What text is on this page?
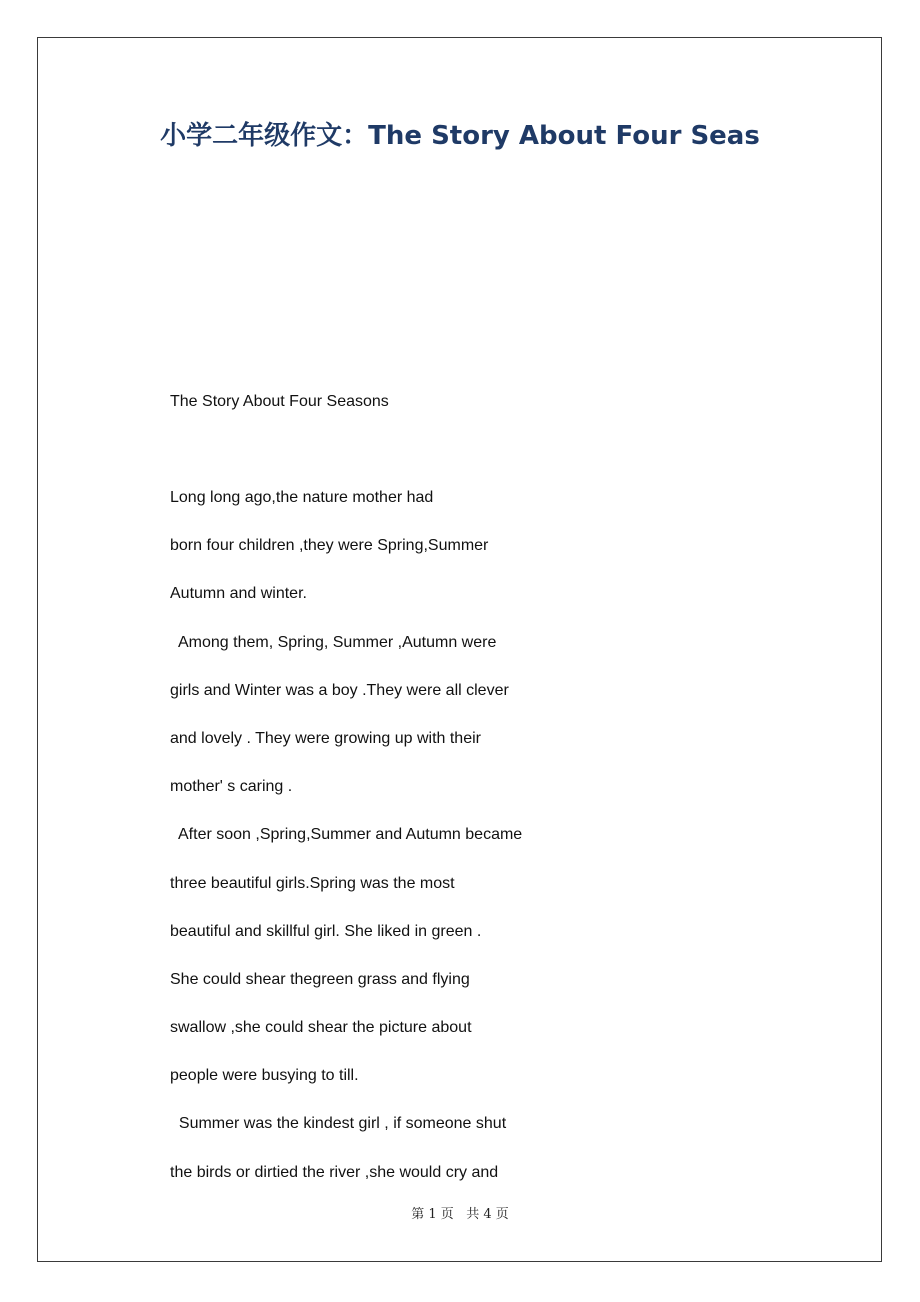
小学二年级作文：The Story About Four Seas
The Story About Four Seasons
Long long ago,the nature mother had
born four children ,they were Spring,Summer
Autumn and winter.
Among them, Spring, Summer ,Autumn were
girls and Winter was a boy .They were all clever
and lovely . They were growing up with their
mother' s caring .
After soon ,Spring,Summer and Autumn became
three beautiful girls.Spring was the most
beautiful and skillful girl. She liked in green .
She could shear thegreen grass and flying
swallow ,she could shear the picture about
people were busying to till.
Summer was the kindest girl , if someone shut
the birds or dirtied the river ,she would cry and
第 1 页   共 4 页
